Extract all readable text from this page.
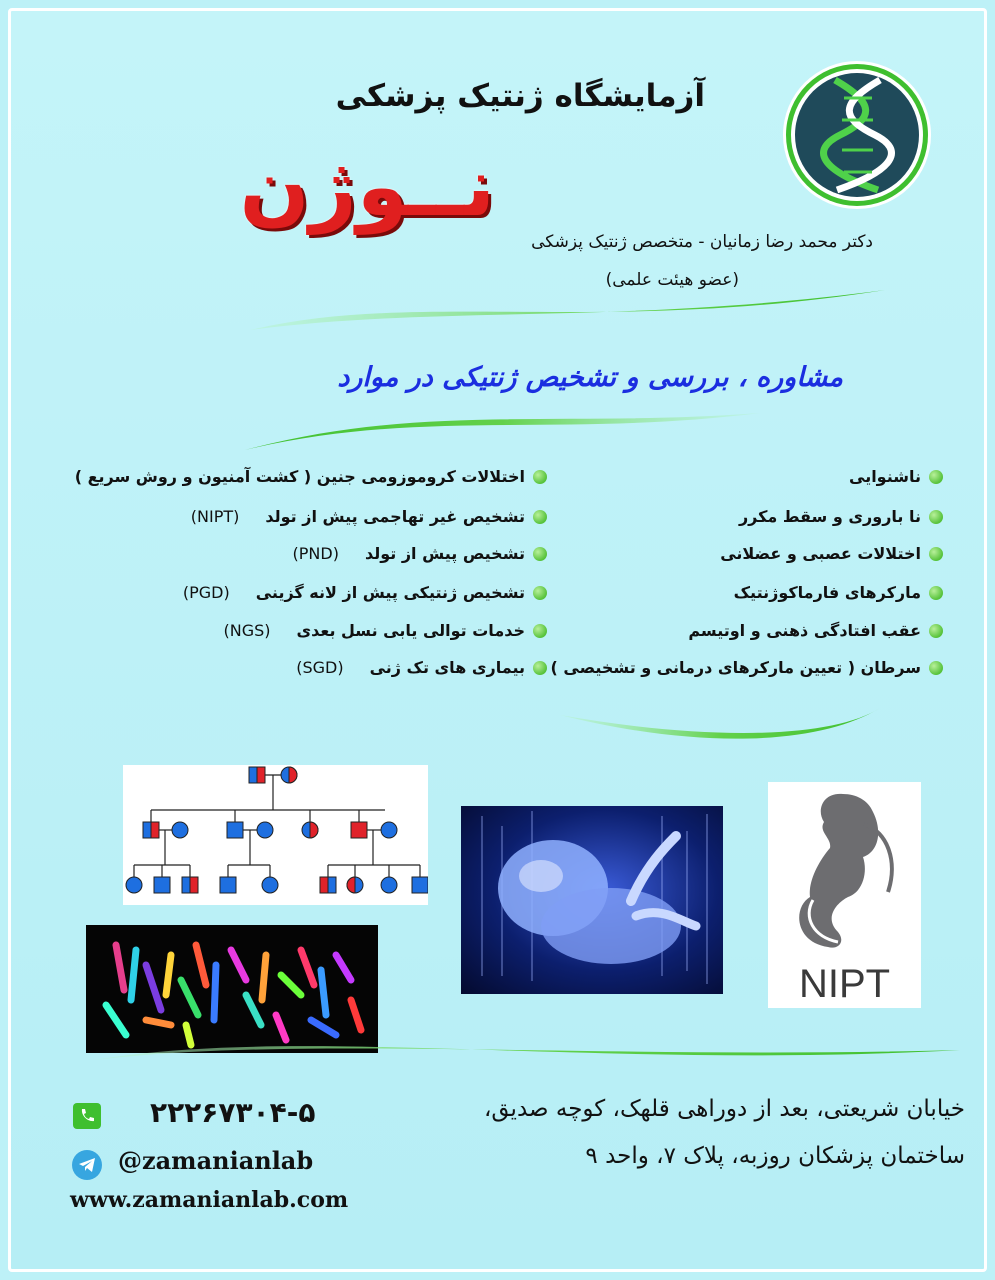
آزمایشگاه ژنتیک پزشکی
نــوژن
دکتر محمد رضا زمانیان - متخصص ژنتیک پزشکی
(عضو هیئت علمی)
مشاوره ، بررسی و تشخیص ژنتیکی در موارد
ناشنوایی
نا باروری و سقط مکرر
اختلالات عصبی و عضلانی
مارکرهای فارماکوژنتیک
عقب افتادگی ذهنی و اوتیسم
سرطان ( تعیین مارکرهای درمانی و تشخیصی )
اختلالات کروموزومی جنین ( کشت آمنیون و روش سریع )
تشخیص غیر تهاجمی پیش از تولد
(NIPT)
تشخیص پیش از تولد
(PND)
تشخیص ژنتیکی پیش از لانه گزینی
(PGD)
خدمات توالی یابی نسل بعدی
(NGS)
بیماری های تک ژنی
(SGD)
NIPT
۲۲۲۶۷۳۰۴-۵
@zamanianlab
www.zamanianlab.com
خیابان شریعتی، بعد از دوراهی قلهک، کوچه صدیق،
ساختمان پزشکان روزبه، پلاک ۷، واحد ۹
